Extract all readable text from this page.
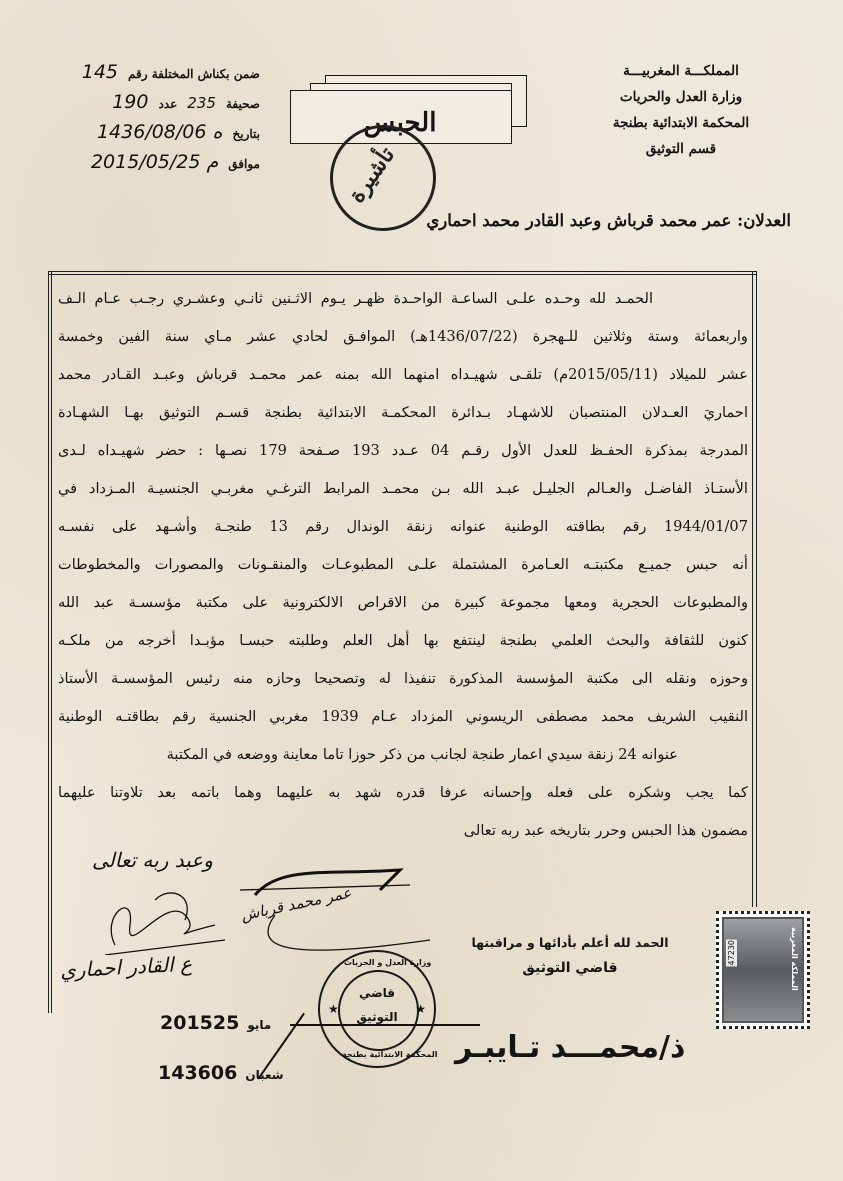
المملكـــة المغربيـــة
وزارة العدل والحريات
المحكمة الابتدائية بطنجة
قسم التوثيق
ضمن بكناش المختلفة رقم
145
صحيفة
235
عدد
190
بتاريخ
1436/08/06 ه
موافق
2015/05/25 م
الحبس
تأشيرة
العدلان: عمر محمد قرباش وعبد القادر محمد احماري
الحمـد لله وحـده علـى الساعـة الواحـدة ظهـر يـوم الاثـنين ثانـي وعشـري رجـب عـام الـف
واربعمائة وستة وثلاثين للـهجرة (1436/07/22هـ) الموافـق لحادي عشر مـاي سنة الفين وخمسة
عشر للميلاد (2015/05/11م) تلقـى شهيـداه امنهما الله بمنه عمر محمـد قرباش وعبـد القـادر محمد
احماريَ العـدلان المنتصبان للاشهـاد بـدائرة المحكمـة الابتدائية بطنجة قسـم التوثيق بهـا الشهـادة
المدرجة بمذكرة الحفـظ للعدل الأول رقـم 04 عـدد 193 صـفحة 179 نصـها : حضر شهيـداه لـدى
الأستـاذ الفاضـل والعـالم الجليـل عبـد الله بـن محمـد المرابط الترغـي مغربـي الجنسيـة المـزداد في
1944/01/07 رقم بطاقته الوطنية عنوانه زنقة الوندال رقم 13 طنجـة وأشـهد على نفسـه
أنه حبس جميـع مكتبتـه العـامرة المشتملة علـى المطبوعـات والمنقـونات والمصورات والمخطوطات
والمطبوعات الحجرية ومعها مجموعة كبيرة من الاقراص الالكترونية على مكتبة مؤسسـة عبد الله
كنون للثقافة والبحث العلمي بطنجة لينتفع بها أهل العلم وطلبته حبسـا مؤبـدا أخرجه من ملكـه
وحوزه ونقله الى مكتبة المؤسسة المذكورة تنفيذا له وتصحيحا وحازه منه رئيس المؤسسـة الأستاذ
النقيب الشريف محمد مصطفى الريسوني المزداد عـام 1939 مغربي الجنسية رقم بطاقتـه الوطنية
عنوانه 24 زنقة سيدي اعمار طنجة لجانب من ذكر حوزا تاما معاينة ووضعه في المكتبة
كما يجب وشكره على فعله وإحسانه عرفا قدره شهد به عليهما وهما باتمه بعد تلاوتنا عليهما
مضمون هذا الحبس وحرر بتاريخه عبد ربه تعالى
وعبد ربه تعالى
ع القادر احماري
عمر محمد قرباش
الحمد لله أعلم بأدائها و مراقبتها
قاضي التوثيق
ذ/محمـــد تـايبـر
وزارة العدل و الحريات
المحكمة الابتدائية بطنجة
قاضي
التوثيق
★	★
2015	مايو25
1436	شعبان06
47230	المملكة المغربية
